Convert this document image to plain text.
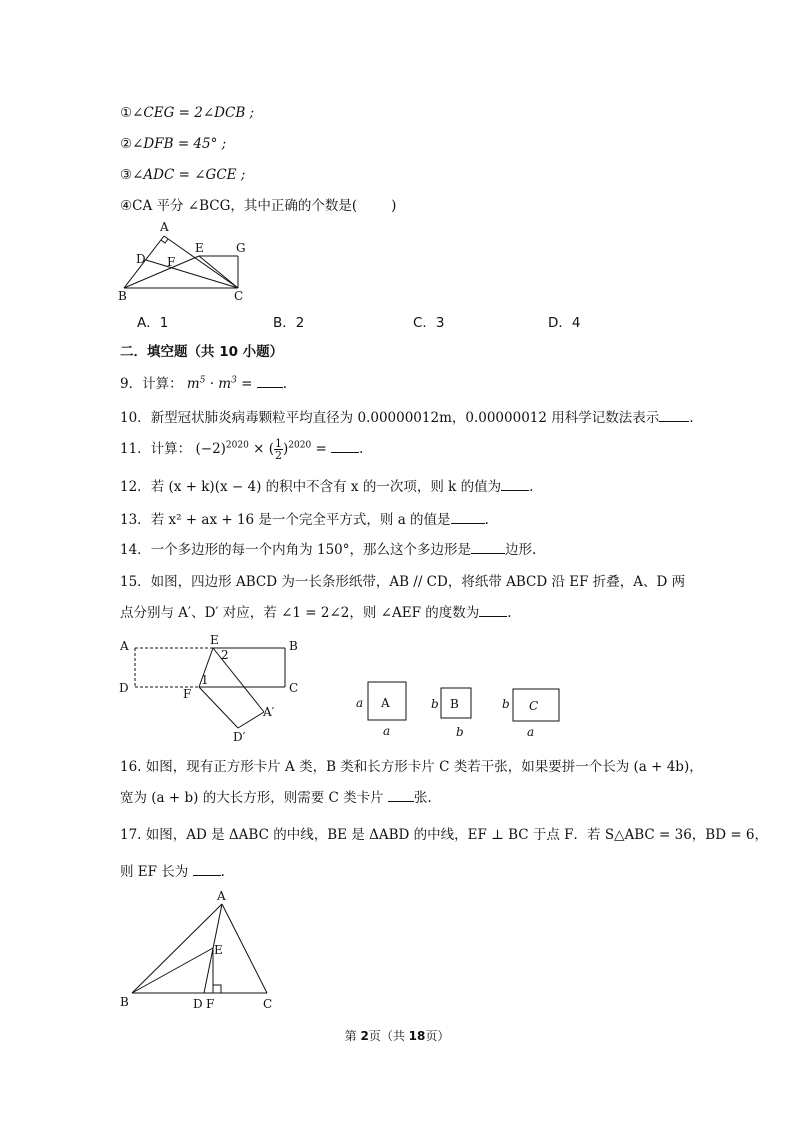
①∠CEG = 2∠DCB ;
②∠DFB = 45° ;
③∠ADC = ∠GCE ;
④CA 平分 ∠BCG，其中正确的个数是(	)
A
D
E
F
G
B	C
A．1	B．2	C．3	D．4
二．填空题（共 10 小题）
9．计算： $m^5 \cdot m^3$ = .
10．新型冠状肺炎病毒颗粒平均直径为 0.00000012m，0.00000012 用科学记数法表示 .
11．计算： $(-2)^{2020}$ × ( $\frac{1}{2} )^{2020}$ = .
12．若 (x + k)(x − 4) 的积中不含有 x 的一次项，则 k 的值为 .
13．若 x² + ax + 16 是一个完全平方式，则 a 的值是	.
14．一个多边形的每一个内角为 150°，那么这个多边形是	边形.
15．如图，四边形 ABCD 为一长条形纸带，AB // CD，将纸带 ABCD 沿 EF 折叠，A、D 两
点分别与 A′、D′ 对应，若 ∠1 = 2∠2，则 ∠AEF 的度数为 .
A	E	B
D	F	C
1
2
A′
D′
a A
a
b B
b
b C
a
16. 如图，现有正方形卡片 A 类，B 类和长方形卡片 C 类若干张，如果要拼一个长为 (a + 4b)，
宽为 (a + b) 的大长方形，则需要 C 类卡片 张.
17. 如图，AD 是 ΔABC 的中线，BE 是 ΔABD 的中线，EF ⊥ BC 于点 F．若 S△ABC = 36，BD = 6，
则 EF 长为 .
A
E
B	D F	C
第 2页（共 18页）
